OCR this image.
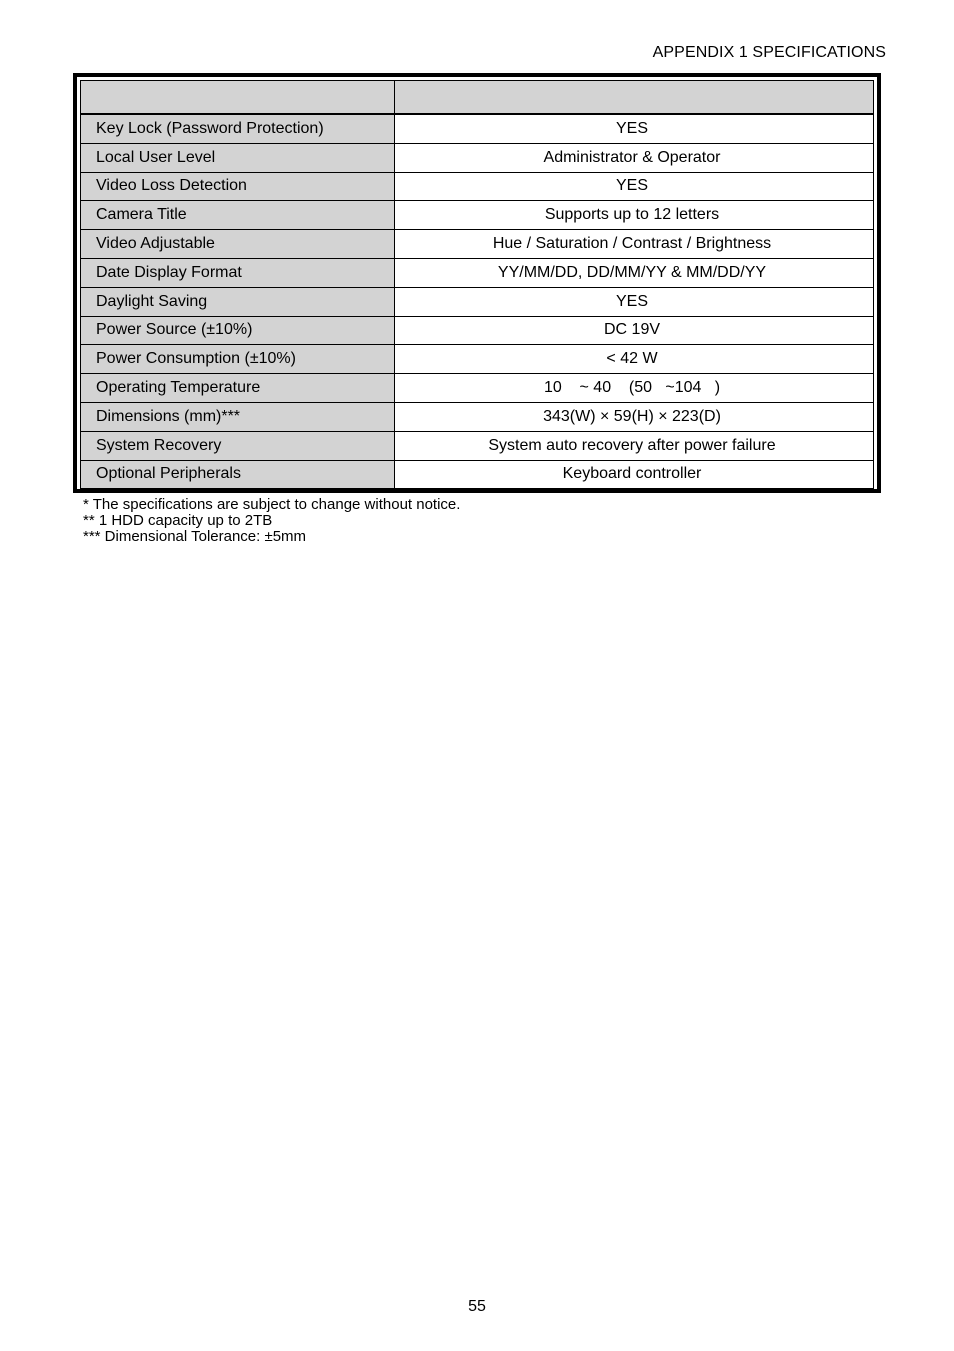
APPENDIX 1 SPECIFICATIONS

Key Lock (Password Protection)	YES
Local User Level	Administrator & Operator
Video Loss Detection	YES
Camera Title	Supports up to 12 letters
Video Adjustable	Hue / Saturation / Contrast / Brightness
Date Display Format	YY/MM/DD, DD/MM/YY & MM/DD/YY
Daylight Saving	YES
Power Source (±10%)	DC 19V
Power Consumption (±10%)	< 42 W
Operating Temperature	10    ~ 40    (50   ~104   )
Dimensions (mm)***	343(W) × 59(H) × 223(D)
System Recovery	System auto recovery after power failure
Optional Peripherals	Keyboard controller
* The specifications are subject to change without notice.
** 1 HDD capacity up to 2TB
*** Dimensional Tolerance: ±5mm
55
